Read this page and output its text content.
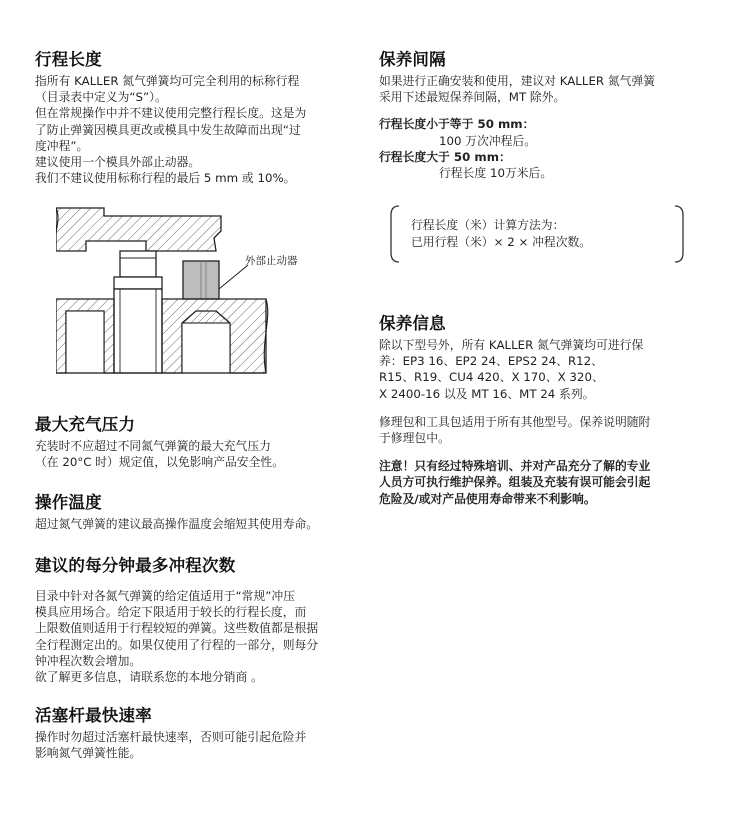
行程长度

指所有 KALLER 氮气弹簧均可完全利用的标称行程
（目录表中定义为“S”）。
但在常规操作中并不建议使用完整行程长度。这是为
了防止弹簧因模具更改或模具中发生故障而出现“过
度冲程”。
建议使用一个模具外部止动器。
我们不建议使用标称行程的最后 5 mm 或 10%。

最大充气压力

充装时不应超过不同氮气弹簧的最大充气压力
（在 20°C 时）规定值，以免影响产品安全性。

操作温度

超过氮气弹簧的建议最高操作温度会缩短其使用寿命。

建议的每分钟最多冲程次数

目录中针对各氮气弹簧的给定值适用于“常规”冲压
模具应用场合。给定下限适用于较长的行程长度，而
上限数值则适用于行程较短的弹簧。这些数值都是根据
全行程测定出的。如果仅使用了行程的一部分，则每分
钟冲程次数会增加。
欲了解更多信息，请联系您的本地分销商 。

活塞杆最快速率

操作时勿超过活塞杆最快速率，否则可能引起危险并
影响氮气弹簧性能。

外部止动器
保养间隔

如果进行正确安装和使用，建议对 KALLER 氮气弹簧
采用下述最短保养间隔，MT 除外。

行程长度小于等于 50 mm：
100 万次冲程后。
行程长度大于 50 mm：
行程长度 10万米后。

行程长度（米）计算方法为：
已用行程（米）× 2 × 冲程次数。
保养信息

除以下型号外，所有 KALLER 氮气弹簧均可进行保
养：EP3 16、EP2 24、EPS2 24、R12、
R15、R19、CU4 420、X 170、X 320、
X 2400-16 以及 MT 16、MT 24 系列。

修理包和工具包适用于所有其他型号。保养说明随附
于修理包中。

注意！只有经过特殊培训、并对产品充分了解的专业
人员方可执行维护保养。组装及充装有误可能会引起
危险及/或对产品使用寿命带来不利影响。
